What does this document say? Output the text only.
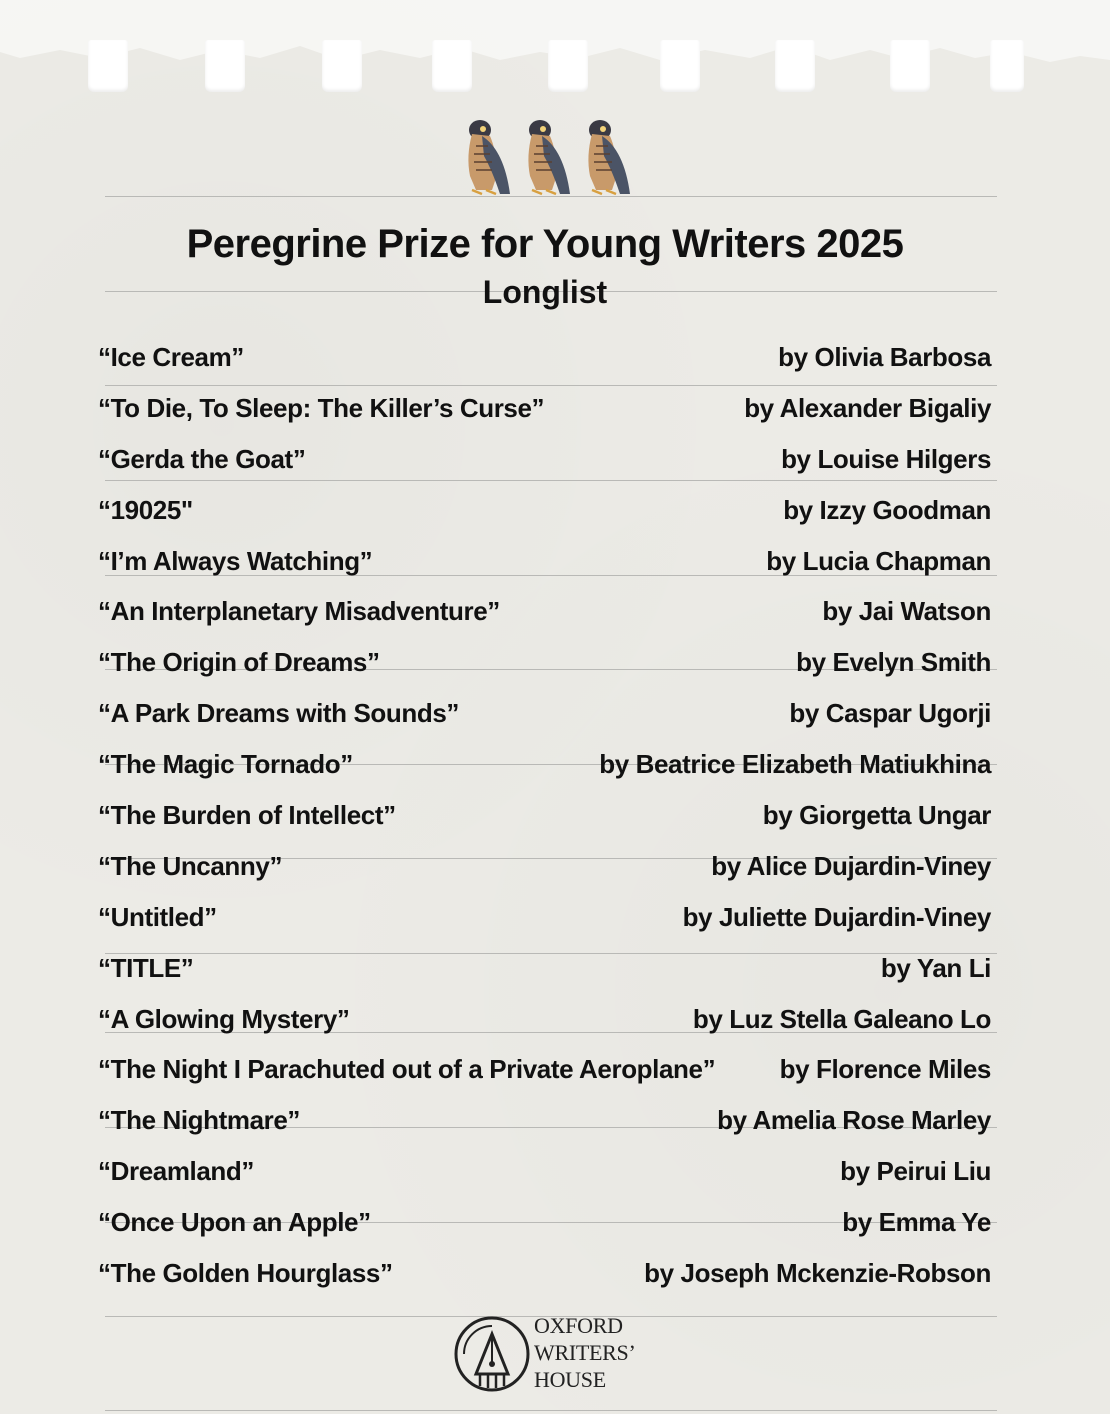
Peregrine Prize for Young Writers 2025
Longlist
“Ice Cream”	by Olivia Barbosa
“To Die, To Sleep: The Killer’s Curse”	by Alexander Bigaliy
“Gerda the Goat”	by Louise Hilgers
“19025"	by Izzy Goodman
“I’m Always Watching”	by Lucia Chapman
“An Interplanetary Misadventure”	by Jai Watson
“The Origin of Dreams”	by Evelyn Smith
“A Park Dreams with Sounds”	by Caspar Ugorji
“The Magic Tornado”	by Beatrice Elizabeth Matiukhina
“The Burden of Intellect”	by Giorgetta Ungar
“The Uncanny”	by Alice Dujardin-Viney
“Untitled”	by Juliette Dujardin-Viney
“TITLE”	by Yan Li
“A Glowing Mystery”	by Luz Stella Galeano Lo
“The Night I Parachuted out of a Private Aeroplane” by Florence Miles
“The Nightmare”	by Amelia Rose Marley
“Dreamland”	by Peirui Liu
“Once Upon an Apple”	by Emma Ye
“The Golden Hourglass”	by Joseph Mckenzie-Robson
OXFORD
WRITERS’
HOUSE
